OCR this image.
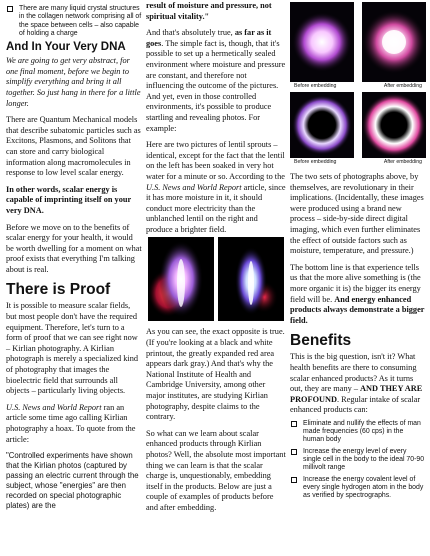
There are many liquid crystal structures in the collagen network comprising all of the space between cells – also capable of holding a charge
And In Your Very DNA

We are going to get very abstract, for one final moment, before we begin to simplify everything and bring it all together. So just hang in there for a little longer.

There are Quantum Mechanical models that describe subatomic particles such as Excitons, Plasmons, and Solitons that can store and carry biological information along macromolecules in response to low level scalar energy.

In other words, scalar energy is capable of imprinting itself on your very DNA.

Before we move on to the benefits of scalar energy for your health, it would be worth dwelling for a moment on what proof exists that everything I'm talking about is real.

There is Proof

It is possible to measure scalar fields, but most people don't have the required equipment. Therefore, let's turn to a form of proof that we can see right now – Kirlian photography. A Kirlian photograph is merely a specialized kind of photography that images the bioelectric field that surrounds all objects – particularly living objects.

U.S. News and World Report ran an article some time ago calling Kirlian photography a hoax. To quote from the article:

"Controlled experiments have shown that the Kirlian photos (captured by passing an electric current through the subject, whose "energies" are then recorded on special photographic plates) are the

result of moisture and pressure, not spiritual vitality."

And that's absolutely true, as far as it goes. The simple fact is, though, that it's possible to set up a hermetically sealed environment where moisture and pressure are constant, and therefore not influencing the outcome of the pictures. And yet, even in those controlled environments, it's possible to produce startling and revealing photos. For example:

Here are two pictures of lentil sprouts – identical, except for the fact that the lentil on the left has been soaked in very hot water for a minute or so. According to the U.S. News and World Report article, since it has more moisture in it, it should conduct more electricity than the unblanched lentil on the right and produce a brighter field.

As you can see, the exact opposite is true. (If you're looking at a black and white printout, the greatly expanded red area appears dark gray.) And that's why the National Institute of Health and Cambridge University, among other major institutes, are studying Kirlian photography, despite claims to the contrary.

So what can we learn about scalar enhanced products through Kirlian photos? Well, the absolute most important thing we can learn is that the scalar charge is, unquestionably, embedding itself in the products. Below are just a couple of examples of products before and after embedding.

Before embedding	After embedding
Before embedding	After embedding

The two sets of photographs above, by themselves, are revolutionary in their implications. (Incidentally, these images were produced using a brand new process – side-by-side direct digital imaging, which even further eliminates the effect of outside factors such as moisture, temperature, and pressure.)

The bottom line is that experience tells us that the more alive something is (the more organic it is) the bigger its energy field will be. And energy enhanced products always demonstrate a bigger field.

Benefits

This is the big question, isn't it? What health benefits are there to consuming scalar enhanced products? As it turns out, they are many – AND THEY ARE PROFOUND. Regular intake of scalar enhanced products can:

Eliminate and nullify the effects of man made frequencies (60 cps) in the human body
Increase the energy level of every single cell in the body to the ideal 70-90 millivolt range
Increase the energy covalent level of every single hydrogen atom in the body as verified by spectrographs.
